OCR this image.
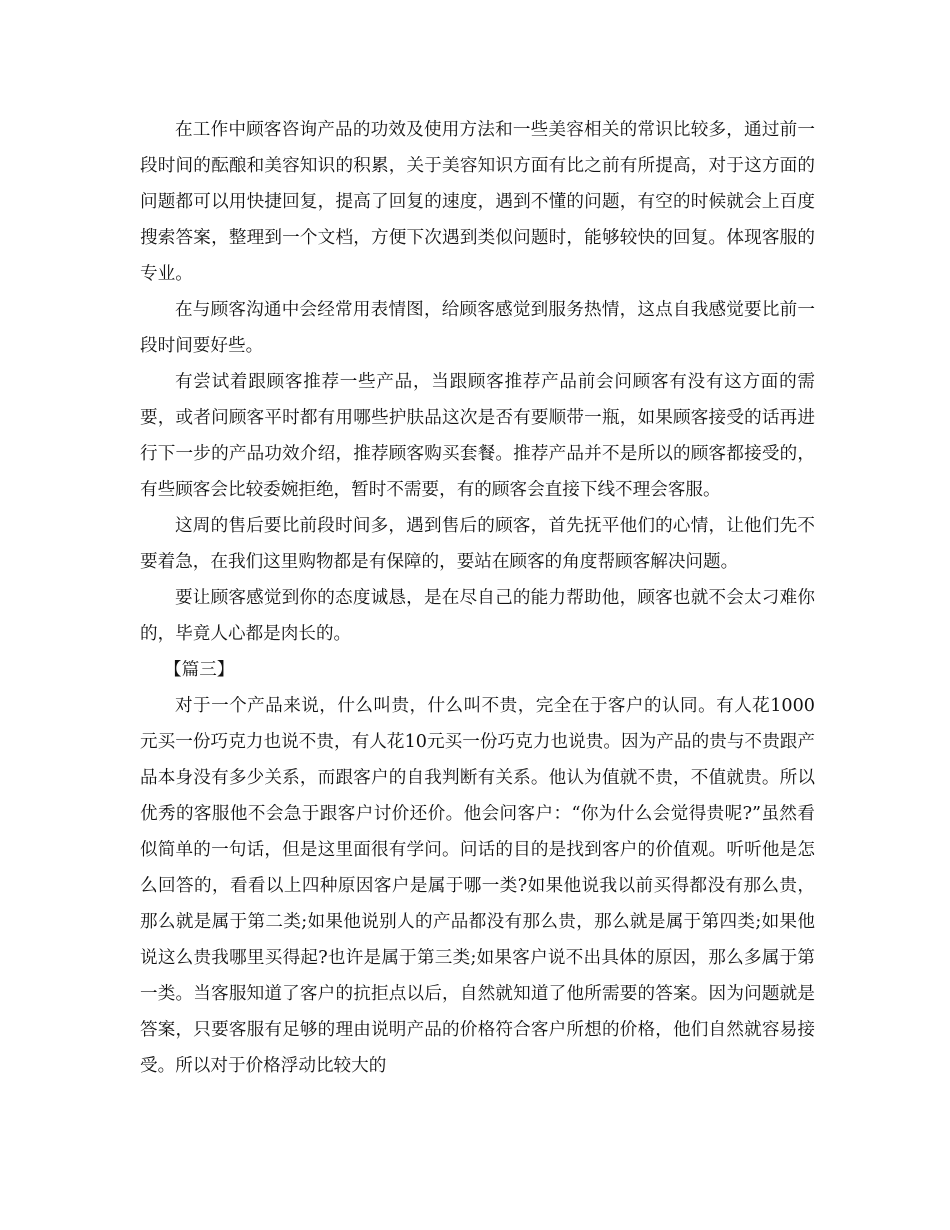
在工作中顾客咨询产品的功效及使用方法和一些美容相关的常识比较多，通过前一段时间的酝酿和美容知识的积累，关于美容知识方面有比之前有所提高，对于这方面的问题都可以用快捷回复，提高了回复的速度，遇到不懂的问题，有空的时候就会上百度搜索答案，整理到一个文档，方便下次遇到类似问题时，能够较快的回复。体现客服的专业。

在与顾客沟通中会经常用表情图，给顾客感觉到服务热情，这点自我感觉要比前一段时间要好些。

有尝试着跟顾客推荐一些产品，当跟顾客推荐产品前会问顾客有没有这方面的需要，或者问顾客平时都有用哪些护肤品这次是否有要顺带一瓶，如果顾客接受的话再进行下一步的产品功效介绍，推荐顾客购买套餐。推荐产品并不是所以的顾客都接受的，有些顾客会比较委婉拒绝，暂时不需要，有的顾客会直接下线不理会客服。

这周的售后要比前段时间多，遇到售后的顾客，首先抚平他们的心情，让他们先不要着急，在我们这里购物都是有保障的，要站在顾客的角度帮顾客解决问题。

要让顾客感觉到你的态度诚恳，是在尽自己的能力帮助他，顾客也就不会太刁难你的，毕竟人心都是肉长的。

【篇三】

对于一个产品来说，什么叫贵，什么叫不贵，完全在于客户的认同。有人花1000元买一份巧克力也说不贵，有人花10元买一份巧克力也说贵。因为产品的贵与不贵跟产品本身没有多少关系，而跟客户的自我判断有关系。他认为值就不贵，不值就贵。所以优秀的客服他不会急于跟客户讨价还价。他会问客户：“你为什么会觉得贵呢?”虽然看似简单的一句话，但是这里面很有学问。问话的目的是找到客户的价值观。听听他是怎么回答的，看看以上四种原因客户是属于哪一类?如果他说我以前买得都没有那么贵，那么就是属于第二类;如果他说别人的产品都没有那么贵，那么就是属于第四类;如果他说这么贵我哪里买得起?也许是属于第三类;如果客户说不出具体的原因，那么多属于第一类。当客服知道了客户的抗拒点以后，自然就知道了他所需要的答案。因为问题就是答案，只要客服有足够的理由说明产品的价格符合客户所想的价格，他们自然就容易接受。所以对于价格浮动比较大的
